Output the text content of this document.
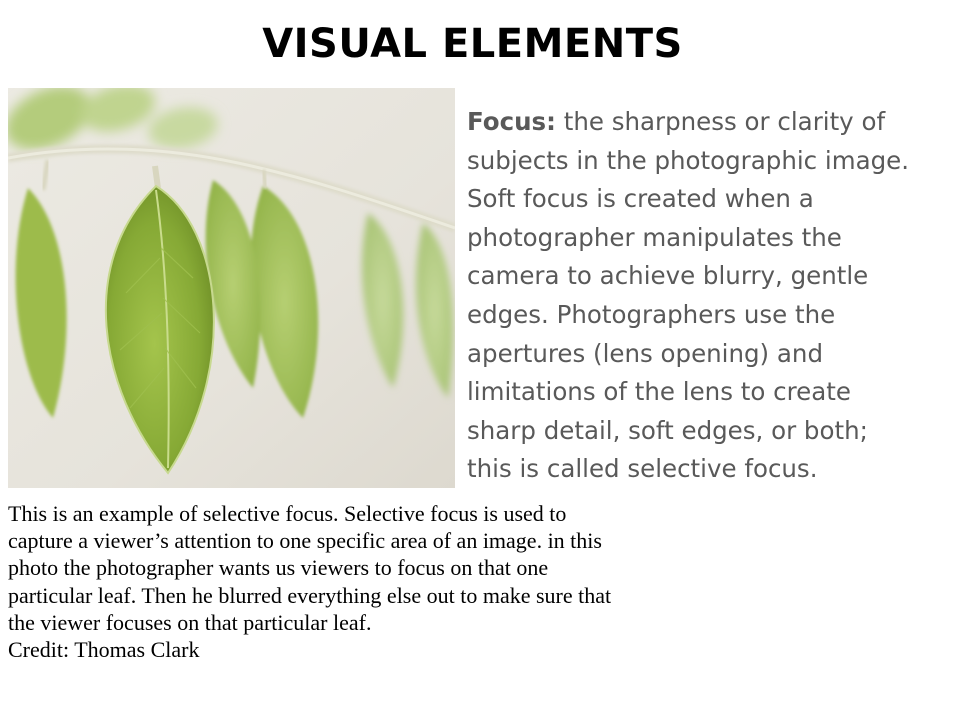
VISUAL ELEMENTS
Focus: the sharpness or clarity of subjects in the photographic image. Soft focus is created when a photographer manipulates the camera to achieve blurry, gentle edges. Photographers use the apertures (lens opening) and limitations of the lens to create sharp detail, soft edges, or both; this is called selective focus.

This is an example of selective focus. Selective focus is used to capture a viewer’s attention to one specific area of an image. in this photo the photographer wants us viewers to focus on that one particular leaf. Then he blurred everything else out to make sure that the viewer focuses on that particular leaf.

Credit: Thomas Clark
